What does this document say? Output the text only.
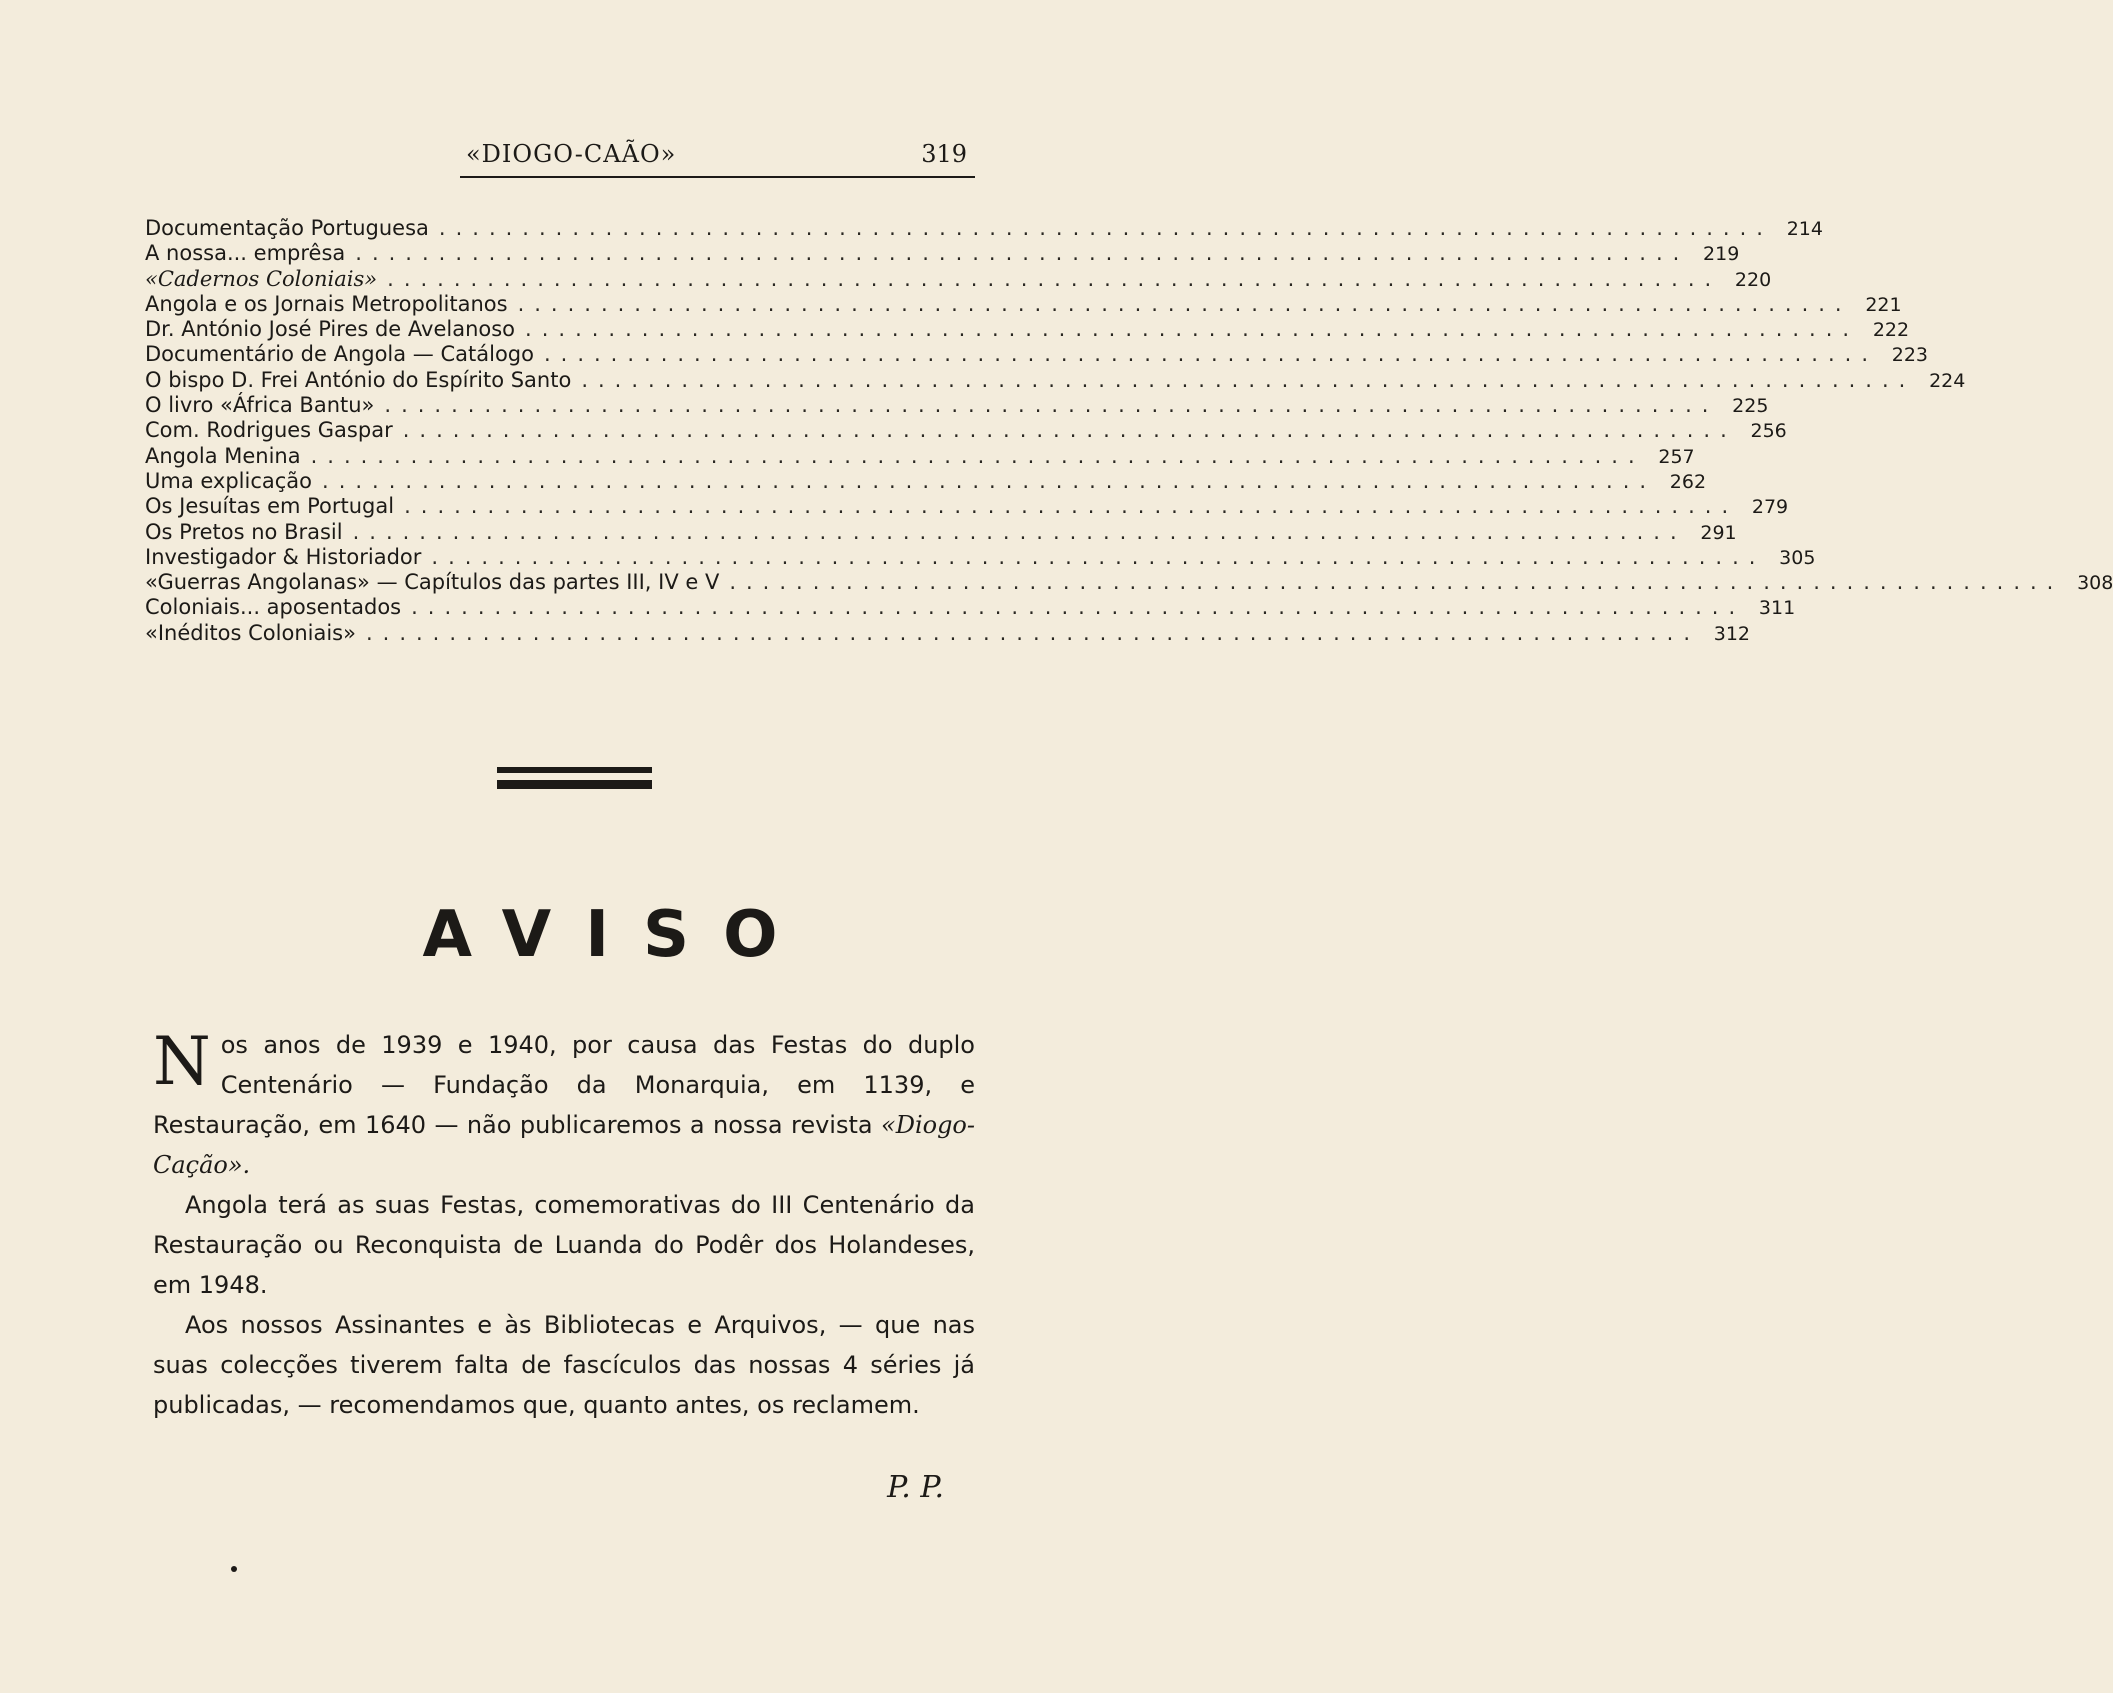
«DIOGO-CAÃO»	319
Documentação Portuguesa ................................................................................ 214
A nossa... emprêsa ................................................................................ 219
«Cadernos Coloniais» ................................................................................ 220
Angola e os Jornais Metropolitanos ................................................................................ 221
Dr. António José Pires de Avelanoso ................................................................................ 222
Documentário de Angola — Catálogo ................................................................................ 223
O bispo D. Frei António do Espírito Santo ................................................................................ 224
O livro «África Bantu» ................................................................................ 225
Com. Rodrigues Gaspar ................................................................................ 256
Angola Menina ................................................................................ 257
Uma explicação ................................................................................ 262
Os Jesuítas em Portugal ................................................................................ 279
Os Pretos no Brasil ................................................................................ 291
Investigador & Historiador ................................................................................ 305
«Guerras Angolanas» — Capítulos das partes III, IV e V ................................................................................ 308
Coloniais... aposentados ................................................................................ 311
«Inéditos Coloniais» ................................................................................ 312
AVISO

Nos anos de 1939 e 1940, por causa das Festas do duplo Centenário — Fundação da Monarquia, em 1139, e Restauração, em 1640 — não publicaremos a nossa revista «Diogo-Cação».

Angola terá as suas Festas, comemorativas do III Centenário da Restauração ou Reconquista de Luanda do Podêr dos Holandeses, em 1948.

Aos nossos Assinantes e às Bibliotecas e Arquivos, — que nas suas colecções tiverem falta de fascículos das nossas 4 séries já publicadas, — recomendamos que, quanto antes, os reclamem.

P. P.
